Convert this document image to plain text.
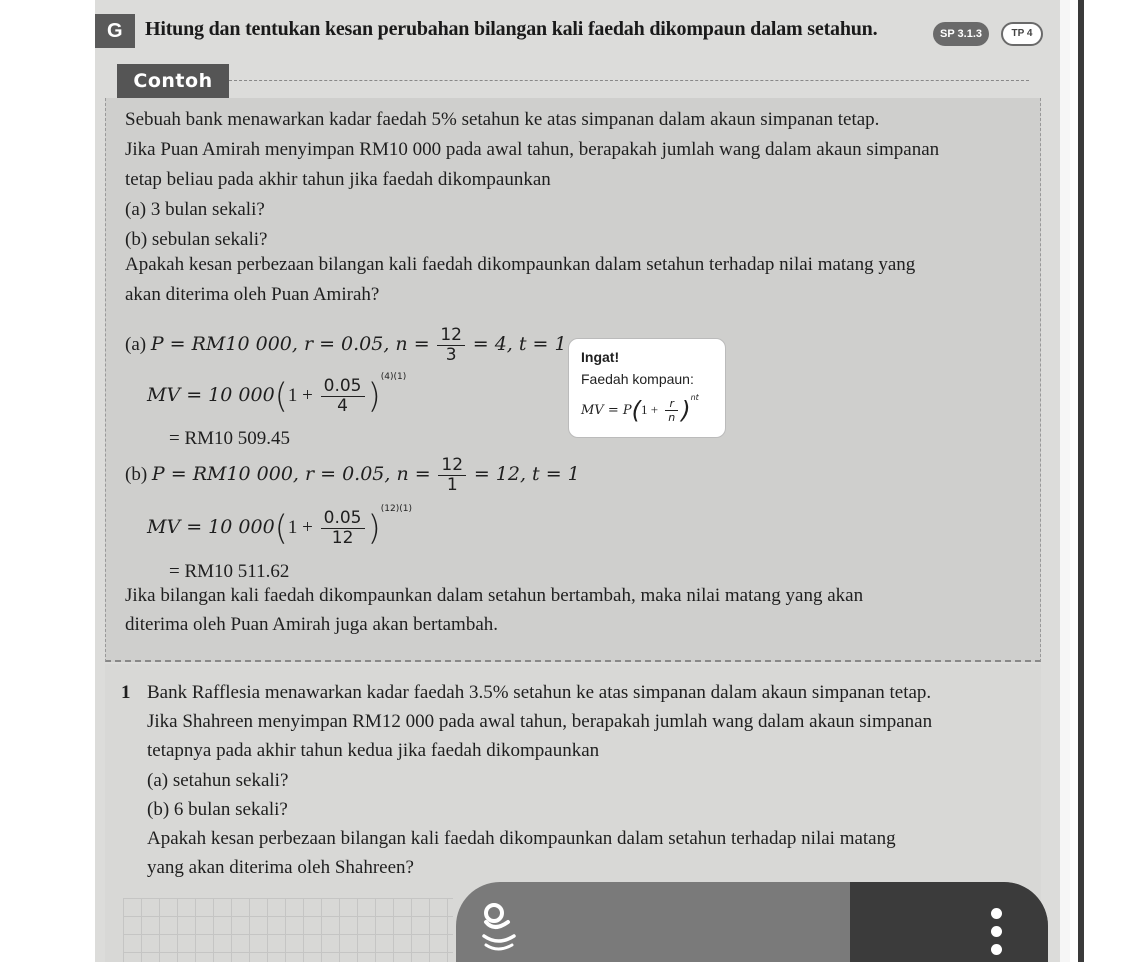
G	Hitung dan tentukan kesan perubahan bilangan kali faedah dikompaun dalam setahun.	SP 3.1.3	TP 4
Contoh
Sebuah bank menawarkan kadar faedah 5% setahun ke atas simpanan dalam akaun simpanan tetap.
Jika Puan Amirah menyimpan RM10 000 pada awal tahun, berapakah jumlah wang dalam akaun simpanan
tetap beliau pada akhir tahun jika faedah dikompaunkan
(a) 3 bulan sekali?
(b) sebulan sekali?
Apakah kesan perbezaan bilangan kali faedah dikompaunkan dalam setahun terhadap nilai matang yang
akan diterima oleh Puan Amirah?
(a) P = RM10 000, r = 0.05, $n = \frac{12}{3} = 4$, t = 1
MV = 10 $000(1 + \frac{0.05}{4} )^{(4)(1)}$
= RM10 509.45
Ingat!
Faedah kompaun:
MV = $P(1 + \frac{r}{n} )^{nt}$
(b) P = RM10 000, r = 0.05, $n = \frac{12}{1} = 12$, t = 1
MV = 10 $000(1 + \frac{0.05}{12} )^{(12)(1)}$
= RM10 511.62
Jika bilangan kali faedah dikompaunkan dalam setahun bertambah, maka nilai matang yang akan
diterima oleh Puan Amirah juga akan bertambah.
1 Bank Rafflesia menawarkan kadar faedah 3.5% setahun ke atas simpanan dalam akaun simpanan tetap.
Jika Shahreen menyimpan RM12 000 pada awal tahun, berapakah jumlah wang dalam akaun simpanan
tetapnya pada akhir tahun kedua jika faedah dikompaunkan
(a) setahun sekali?
(b) 6 bulan sekali?
Apakah kesan perbezaan bilangan kali faedah dikompaunkan dalam setahun terhadap nilai matang
yang akan diterima oleh Shahreen?
